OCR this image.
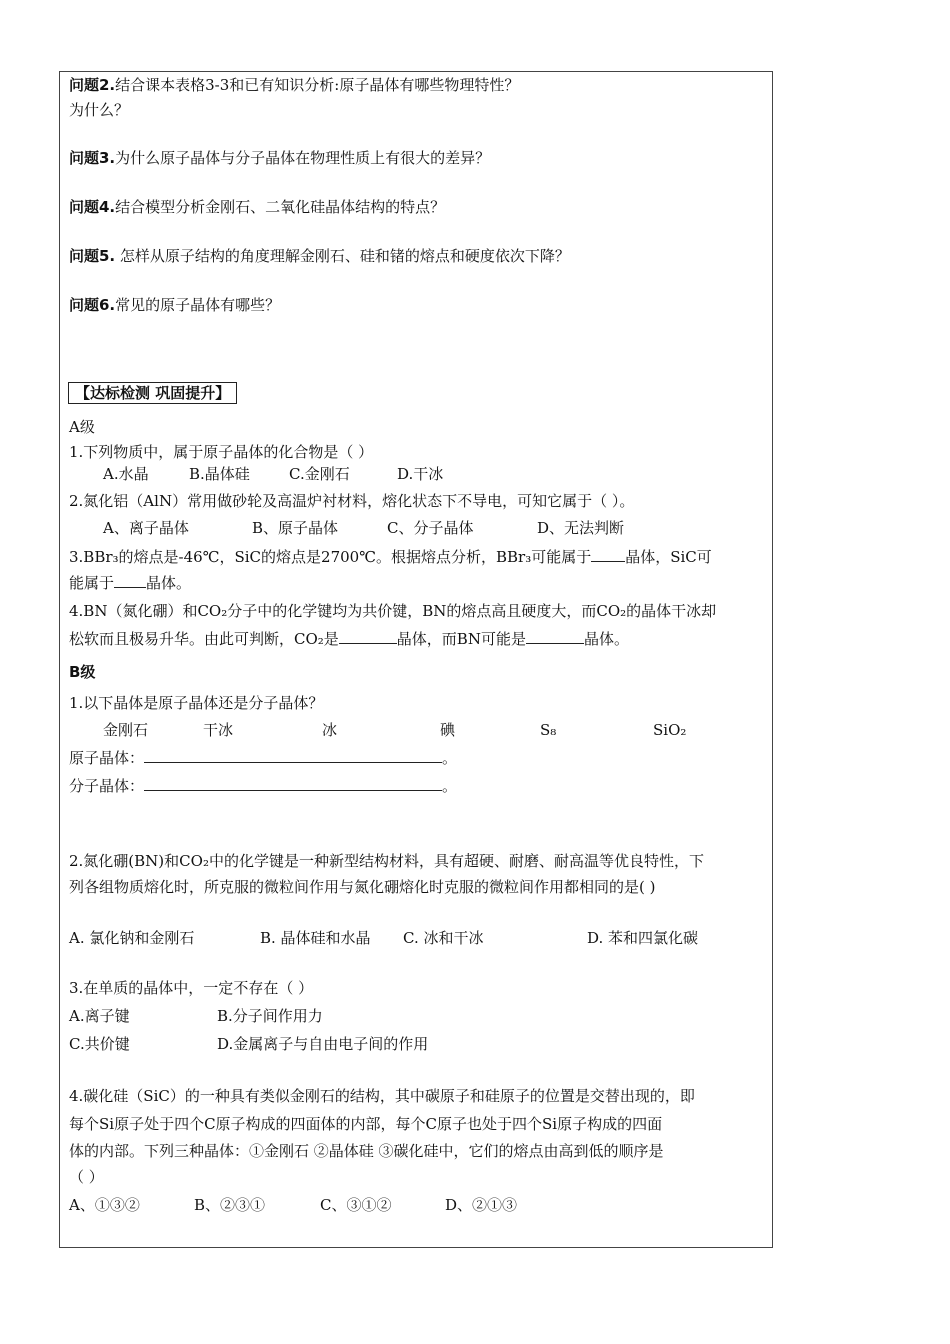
问题2.结合课本表格3-3和已有知识分析:原子晶体有哪些物理特性？
为什么？
问题3.为什么原子晶体与分子晶体在物理性质上有很大的差异？
问题4.结合模型分析金刚石、二氧化硅晶体结构的特点？
问题5. 怎样从原子结构的角度理解金刚石、硅和锗的熔点和硬度依次下降？
问题6.常见的原子晶体有哪些？
【达标检测 巩固提升】
A级
1.下列物质中，属于原子晶体的化合物是（ ）
A.水晶	B.晶体硅	C.金刚石	D.干冰
2.氮化铝（AlN）常用做砂轮及高温炉衬材料，熔化状态下不导电，可知它属于（ ）。
A、离子晶体	B、原子晶体	C、分子晶体	D、无法判断
3.BBr₃的熔点是-46℃，SiC的熔点是2700℃。根据熔点分析，BBr₃可能属于 晶体，SiC可
能属于 晶体。
4.BN（氮化硼）和CO₂分子中的化学键均为共价键，BN的熔点高且硬度大，而CO₂的晶体干冰却
松软而且极易升华。由此可判断，CO₂是	晶体，而BN可能是	晶体。
B级
1.以下晶体是原子晶体还是分子晶体？
金刚石	干冰	冰	碘	S₈	SiO₂
原子晶体：	。
分子晶体：	。
2.氮化硼(BN)和CO₂中的化学键是一种新型结构材料，具有超硬、耐磨、耐高温等优良特性，下
列各组物质熔化时，所克服的微粒间作用与氮化硼熔化时克服的微粒间作用都相同的是( )
A. 氯化钠和金刚石	B. 晶体硅和水晶 C. 冰和干冰	D. 苯和四氯化碳
3.在单质的晶体中，一定不存在（ ）
A.离子键	B.分子间作用力
C.共价键	D.金属离子与自由电子间的作用
4.碳化硅（SiC）的一种具有类似金刚石的结构，其中碳原子和硅原子的位置是交替出现的，即
每个Si原子处于四个C原子构成的四面体的内部，每个C原子也处于四个Si原子构成的四面
体的内部。下列三种晶体：①金刚石 ②晶体硅 ③碳化硅中，它们的熔点由高到低的顺序是
（ ）
A、①③②	B、②③①	C、③①②	D、②①③
